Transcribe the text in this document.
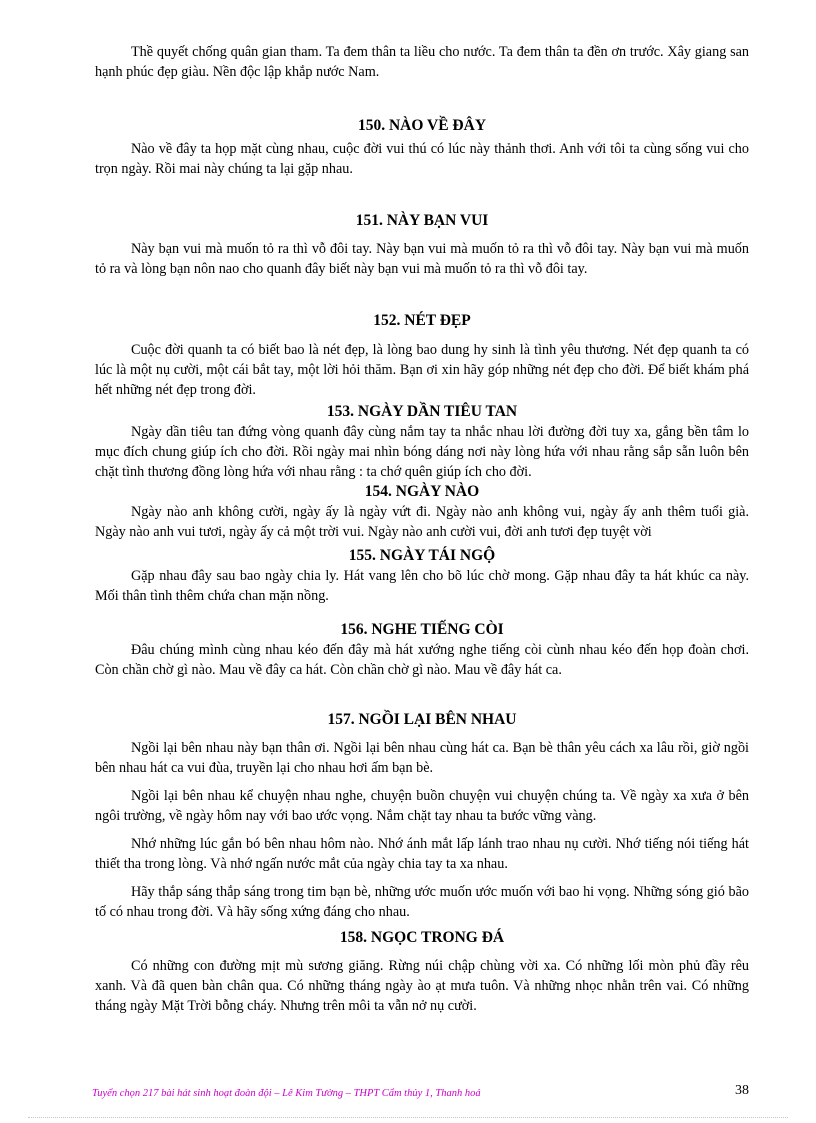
Thề quyết chống quân gian tham. Ta đem thân ta liều cho nước. Ta đem thân ta đền ơn trước. Xây giang san hạnh phúc đẹp giàu. Nền độc lập khắp nước Nam.

150. NÀO VỀ ĐÂY

Nào về đây ta họp mặt cùng nhau, cuộc đời vui thú có lúc này thảnh thơi. Anh với tôi ta cùng sống vui cho trọn ngày. Rồi mai này chúng ta lại gặp nhau.

151. NÀY BẠN VUI

Này bạn vui mà muốn tỏ ra thì vỗ đôi tay. Này bạn vui mà muốn tỏ ra thì vỗ đôi tay. Này bạn vui mà muốn tỏ ra và lòng bạn nôn nao cho quanh đây biết này bạn vui mà muốn tỏ ra thì vỗ đôi tay.

152. NÉT ĐẸP

Cuộc đời quanh ta có biết bao là nét đẹp, là lòng bao dung hy sinh là tình yêu thương. Nét đẹp quanh ta có lúc là một nụ cười, một cái bắt tay, một lời hỏi thăm. Bạn ơi xin hãy góp những nét đẹp cho đời. Để biết khám phá hết những nét đẹp trong đời.

153. NGÀY DẦN TIÊU TAN

Ngày dần tiêu tan đứng vòng quanh đây cùng nắm tay ta nhắc nhau lời đường đời tuy xa, gắng bền tâm lo mục đích chung giúp ích cho đời. Rồi ngày mai nhìn bóng dáng nơi này lòng hứa với nhau rằng sắp sẵn luôn bên chặt tình thương đồng lòng hứa với nhau rằng : ta chớ quên giúp ích cho đời.

154. NGÀY NÀO

Ngày nào anh không cười, ngày ấy là ngày vứt đi. Ngày nào anh không vui, ngày ấy anh thêm tuổi già. Ngày nào anh vui tươi, ngày ấy cả một trời vui. Ngày nào anh cười vui, đời anh tươi đẹp tuyệt vời

155. NGÀY TÁI NGỘ

Gặp nhau đây sau bao ngày chia ly. Hát vang lên cho bõ lúc chờ mong. Gặp nhau đây ta hát khúc ca này. Mối thân tình thêm chứa chan mặn nồng.

156. NGHE TIẾNG CÒI

Đâu chúng mình cùng nhau kéo đến đây mà hát xướng nghe tiếng còi cùnh nhau kéo đến họp đoàn chơi. Còn chần chờ gì nào. Mau về đây ca hát. Còn chần chờ gì nào. Mau về đây hát ca.

157. NGỒI LẠI BÊN NHAU

Ngồi lại bên nhau này bạn thân ơi. Ngồi lại bên nhau cùng hát ca. Bạn bè thân yêu cách xa lâu rồi, giờ ngồi bên nhau hát ca vui đùa, truyền lại cho nhau hơi ấm bạn bè.

Ngồi lại bên nhau kể chuyện nhau nghe, chuyện buồn chuyện vui chuyện chúng ta. Về ngày xa xưa ở bên ngôi trường, về ngày hôm nay với bao ước vọng. Nắm chặt tay nhau ta bước vững vàng.

Nhớ những lúc gắn bó bên nhau hôm nào. Nhớ ánh mắt lấp lánh trao nhau nụ cười. Nhớ tiếng nói tiếng hát thiết tha trong lòng. Và nhớ ngấn nước mắt của ngày chia tay ta xa nhau.

Hãy thắp sáng thắp sáng trong tim bạn bè, những ước muốn ước muốn với bao hi vọng. Những sóng gió bão tố có nhau trong đời. Và hãy sống xứng đáng cho nhau.

158. NGỌC TRONG ĐÁ

Có những con đường mịt mù sương giăng. Rừng núi chập chùng vời xa. Có những lối mòn phủ đầy rêu xanh. Và đã quen bàn chân qua. Có những tháng ngày ào ạt mưa tuôn. Và những nhọc nhằn trên vai. Có những tháng ngày Mặt Trời bỗng cháy. Nhưng trên môi ta vẫn nở nụ cười.

Tuyển chọn 217 bài hát sinh hoạt đoàn đội – Lê Kim Tường – THPT Cẩm thủy 1, Thanh hoá	38
